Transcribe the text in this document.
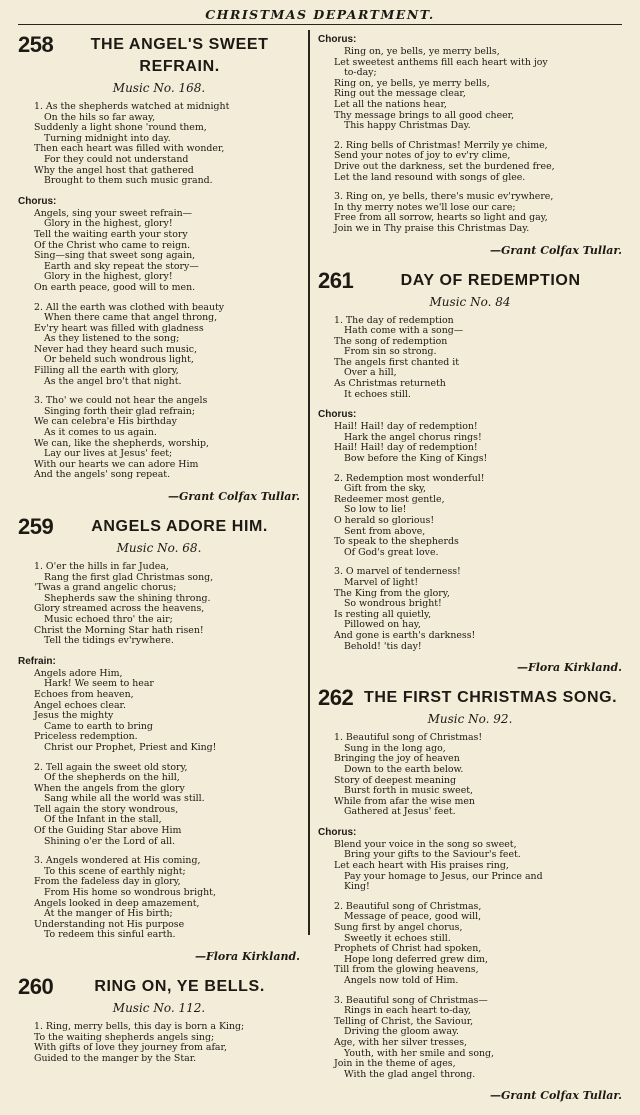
CHRISTMAS DEPARTMENT.
258	THE ANGEL'S SWEET REFRAIN.
Music No. 168.
1. As the shepherds watched at midnight
On the hils so far away,
Suddenly a light shone 'round them,
Turning midnight into day.
Then each heart was filled with wonder,
For they could not understand
Why the angel host that gathered
Brought to them such music grand.
Chorus:
Angels, sing your sweet refrain—
Glory in the highest, glory!
Tell the waiting earth your story
Of the Christ who came to reign.
Sing—sing that sweet song again,
Earth and sky repeat the story—
Glory in the highest, glory!
On earth peace, good will to men.
2. All the earth was clothed with beauty
When there came that angel throng,
Ev'ry heart was filled with gladness
As they listened to the song;
Never had they heard such music,
Or beheld such wondrous light,
Filling all the earth with glory,
As the angel bro't that night.
3. Tho' we could not hear the angels
Singing forth their glad refrain;
We can celebra'e His birthday
As it comes to us again.
We can, like the shepherds, worship,
Lay our lives at Jesus' feet;
With our hearts we can adore Him
And the angels' song repeat.
—Grant Colfax Tullar.
259	ANGELS ADORE HIM.
Music No. 68.
1. O'er the hills in far Judea,
Rang the first glad Christmas song,
'Twas a grand angelic chorus;
Shepherds saw the shining throng.
Glory streamed across the heavens,
Music echoed thro' the air;
Christ the Morning Star hath risen!
Tell the tidings ev'rywhere.
Refrain:
Angels adore Him,
Hark! We seem to hear
Echoes from heaven,
Angel echoes clear.
Jesus the mighty
Came to earth to bring
Priceless redemption.
Christ our Prophet, Priest and King!
2. Tell again the sweet old story,
Of the shepherds on the hill,
When the angels from the glory
Sang while all the world was still.
Tell again the story wondrous,
Of the Infant in the stall,
Of the Guiding Star above Him
Shining o'er the Lord of all.
3. Angels wondered at His coming,
To this scene of earthly night;
From the fadeless day in glory,
From His home so wondrous bright,
Angels looked in deep amazement,
At the manger of His birth;
Understanding not His purpose
To redeem this sinful earth.
—Flora Kirkland.
260	RING ON, YE BELLS.
Music No. 112.
1. Ring, merry bells, this day is born a King;
To the waiting shepherds angels sing;
With gifts of love they journey from afar,
Guided to the manger by the Star.
Chorus:
Ring on, ye bells, ye merry bells,
Let sweetest anthems fill each heart with joy
to-day;
Ring on, ye bells, ye merry bells,
Ring out the message clear,
Let all the nations hear,
Thy message brings to all good cheer,
This happy Christmas Day.
2. Ring bells of Christmas! Merrily ye chime,
Send your notes of joy to ev'ry clime,
Drive out the darkness, set the burdened free,
Let the land resound with songs of glee.
3. Ring on, ye bells, there's music ev'rywhere,
In thy merry notes we'll lose our care;
Free from all sorrow, hearts so light and gay,
Join we in Thy praise this Christmas Day.
—Grant Colfax Tullar.
261	DAY OF REDEMPTION
Music No. 84
1. The day of redemption
Hath come with a song—
The song of redemption
From sin so strong.
The angels first chanted it
Over a hill,
As Christmas returneth
It echoes still.
Chorus:
Hail! Hail! day of redemption!
Hark the angel chorus rings!
Hail! Hail! day of redemption!
Bow before the King of Kings!
2. Redemption most wonderful!
Gift from the sky,
Redeemer most gentle,
So low to lie!
O herald so glorious!
Sent from above,
To speak to the shepherds
Of God's great love.
3. O marvel of tenderness!
Marvel of light!
The King from the glory,
So wondrous bright!
Is resting all quietly,
Pillowed on hay,
And gone is earth's darkness!
Behold! 'tis day!
—Flora Kirkland.
262 THE FIRST CHRISTMAS SONG.
Music No. 92.
1. Beautiful song of Christmas!
Sung in the long ago,
Bringing the joy of heaven
Down to the earth below.
Story of deepest meaning
Burst forth in music sweet,
While from afar the wise men
Gathered at Jesus' feet.
Chorus:
Blend your voice in the song so sweet,
Bring your gifts to the Saviour's feet.
Let each heart with His praises ring,
Pay your homage to Jesus, our Prince and
King!
2. Beautiful song of Christmas,
Message of peace, good will,
Sung first by angel chorus,
Sweetly it echoes still.
Prophets of Christ had spoken,
Hope long deferred grew dim,
Till from the glowing heavens,
Angels now told of Him.
3. Beautiful song of Christmas—
Rings in each heart to-day,
Telling of Christ, the Saviour,
Driving the gloom away.
Age, with her silver tresses,
Youth, with her smile and song,
Join in the theme of ages,
With the glad angel throng.
—Grant Colfax Tullar.
